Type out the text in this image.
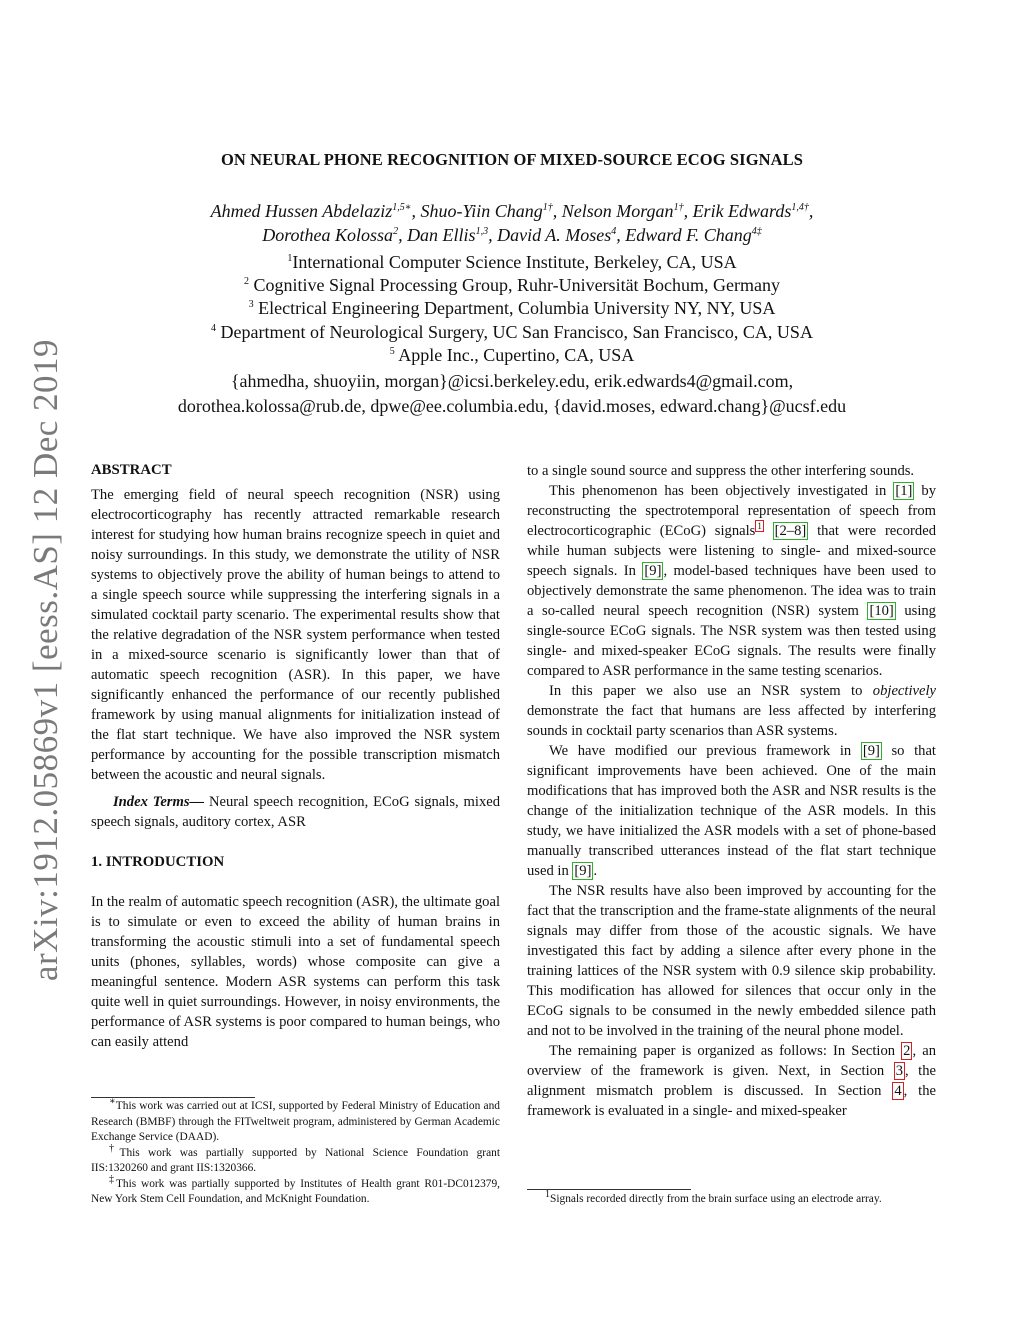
arXiv:1912.05869v1 [eess.AS] 12 Dec 2019
ON NEURAL PHONE RECOGNITION OF MIXED-SOURCE ECOG SIGNALS
Ahmed Hussen Abdelaziz$^{1,5∗}$, Shuo-Yiin Chang$^{1\dagger}$, Nelson Morgan$^{1\dagger}$, Erik Edwards$^{1,4\dagger}$,
Dorothea Kolossa$^2$, Dan Ellis$^{1,3}$, David A. Moses$^4$, Edward F. Chang$^{4\ddagger}$
$^1$International Computer Science Institute, Berkeley, CA, USA
$^2$ Cognitive Signal Processing Group, Ruhr-Universität Bochum, Germany
$^3$ Electrical Engineering Department, Columbia University NY, NY, USA
$^4$ Department of Neurological Surgery, UC San Francisco, San Francisco, CA, USA
$^5$ Apple Inc., Cupertino, CA, USA
{ahmedha, shuoyiin, morgan}@icsi.berkeley.edu, erik.edwards4@gmail.com,
dorothea.kolossa@rub.de, dpwe@ee.columbia.edu, {david.moses, edward.chang}@ucsf.edu

ABSTRACT

The emerging field of neural speech recognition (NSR) using electrocorticography has recently attracted remarkable research interest for studying how human brains recognize speech in quiet and noisy surroundings. In this study, we demonstrate the utility of NSR systems to objectively prove the ability of human beings to attend to a single speech source while suppressing the interfering signals in a simulated cocktail party scenario. The experimental results show that the relative degradation of the NSR system performance when tested in a mixed-source scenario is significantly lower than that of automatic speech recognition (ASR). In this paper, we have significantly enhanced the performance of our recently published framework by using manual alignments for initialization instead of the flat start technique. We have also improved the NSR system performance by accounting for the possible transcription mismatch between the acoustic and neural signals.

Index Terms— Neural speech recognition, ECoG signals, mixed speech signals, auditory cortex, ASR

1. INTRODUCTION

In the realm of automatic speech recognition (ASR), the ultimate goal is to simulate or even to exceed the ability of human brains in transforming the acoustic stimuli into a set of fundamental speech units (phones, syllables, words) whose composite can give a meaningful sentence. Modern ASR systems can perform this task quite well in quiet surroundings. However, in noisy environments, the performance of ASR systems is poor compared to human beings, who can easily attend

∗This work was carried out at ICSI, supported by Federal Ministry of Education and Research (BMBF) through the FITweltweit program, administered by German Academic Exchange Service (DAAD).

†This work was partially supported by National Science Foundation grant IIS:1320260 and grant IIS:1320366.

‡This work was partially supported by Institutes of Health grant R01-DC012379, New York Stem Cell Foundation, and McKnight Foundation.

to a single sound source and suppress the other interfering sounds.

This phenomenon has been objectively investigated in [1] by reconstructing the spectrotemporal representation of speech from electrocorticographic (ECoG) signals $^1$ [2–8] that were recorded while human subjects were listening to single- and mixed-source speech signals. In [9] , model-based techniques have been used to objectively demonstrate the same phenomenon. The idea was to train a so-called neural speech recognition (NSR) system [10] using single-source ECoG signals. The NSR system was then tested using single- and mixed-speaker ECoG signals. The results were finally compared to ASR performance in the same testing scenarios.

In this paper we also use an NSR system to objectively demonstrate the fact that humans are less affected by interfering sounds in cocktail party scenarios than ASR systems.

We have modified our previous framework in [9] so that significant improvements have been achieved. One of the main modifications that has improved both the ASR and NSR results is the change of the initialization technique of the ASR models. In this study, we have initialized the ASR models with a set of phone-based manually transcribed utterances instead of the flat start technique used in [9] .

The NSR results have also been improved by accounting for the fact that the transcription and the frame-state alignments of the neural signals may differ from those of the acoustic signals. We have investigated this fact by adding a silence after every phone in the training lattices of the NSR system with 0.9 silence skip probability. This modification has allowed for silences that occur only in the ECoG signals to be consumed in the newly embedded silence path and not to be involved in the training of the neural phone model.

The remaining paper is organized as follows: In Section 2 , an overview of the framework is given. Next, in Section 3 , the alignment mismatch problem is discussed. In Section 4 , the framework is evaluated in a single- and mixed-speaker

$^1$Signals recorded directly from the brain surface using an electrode array.
